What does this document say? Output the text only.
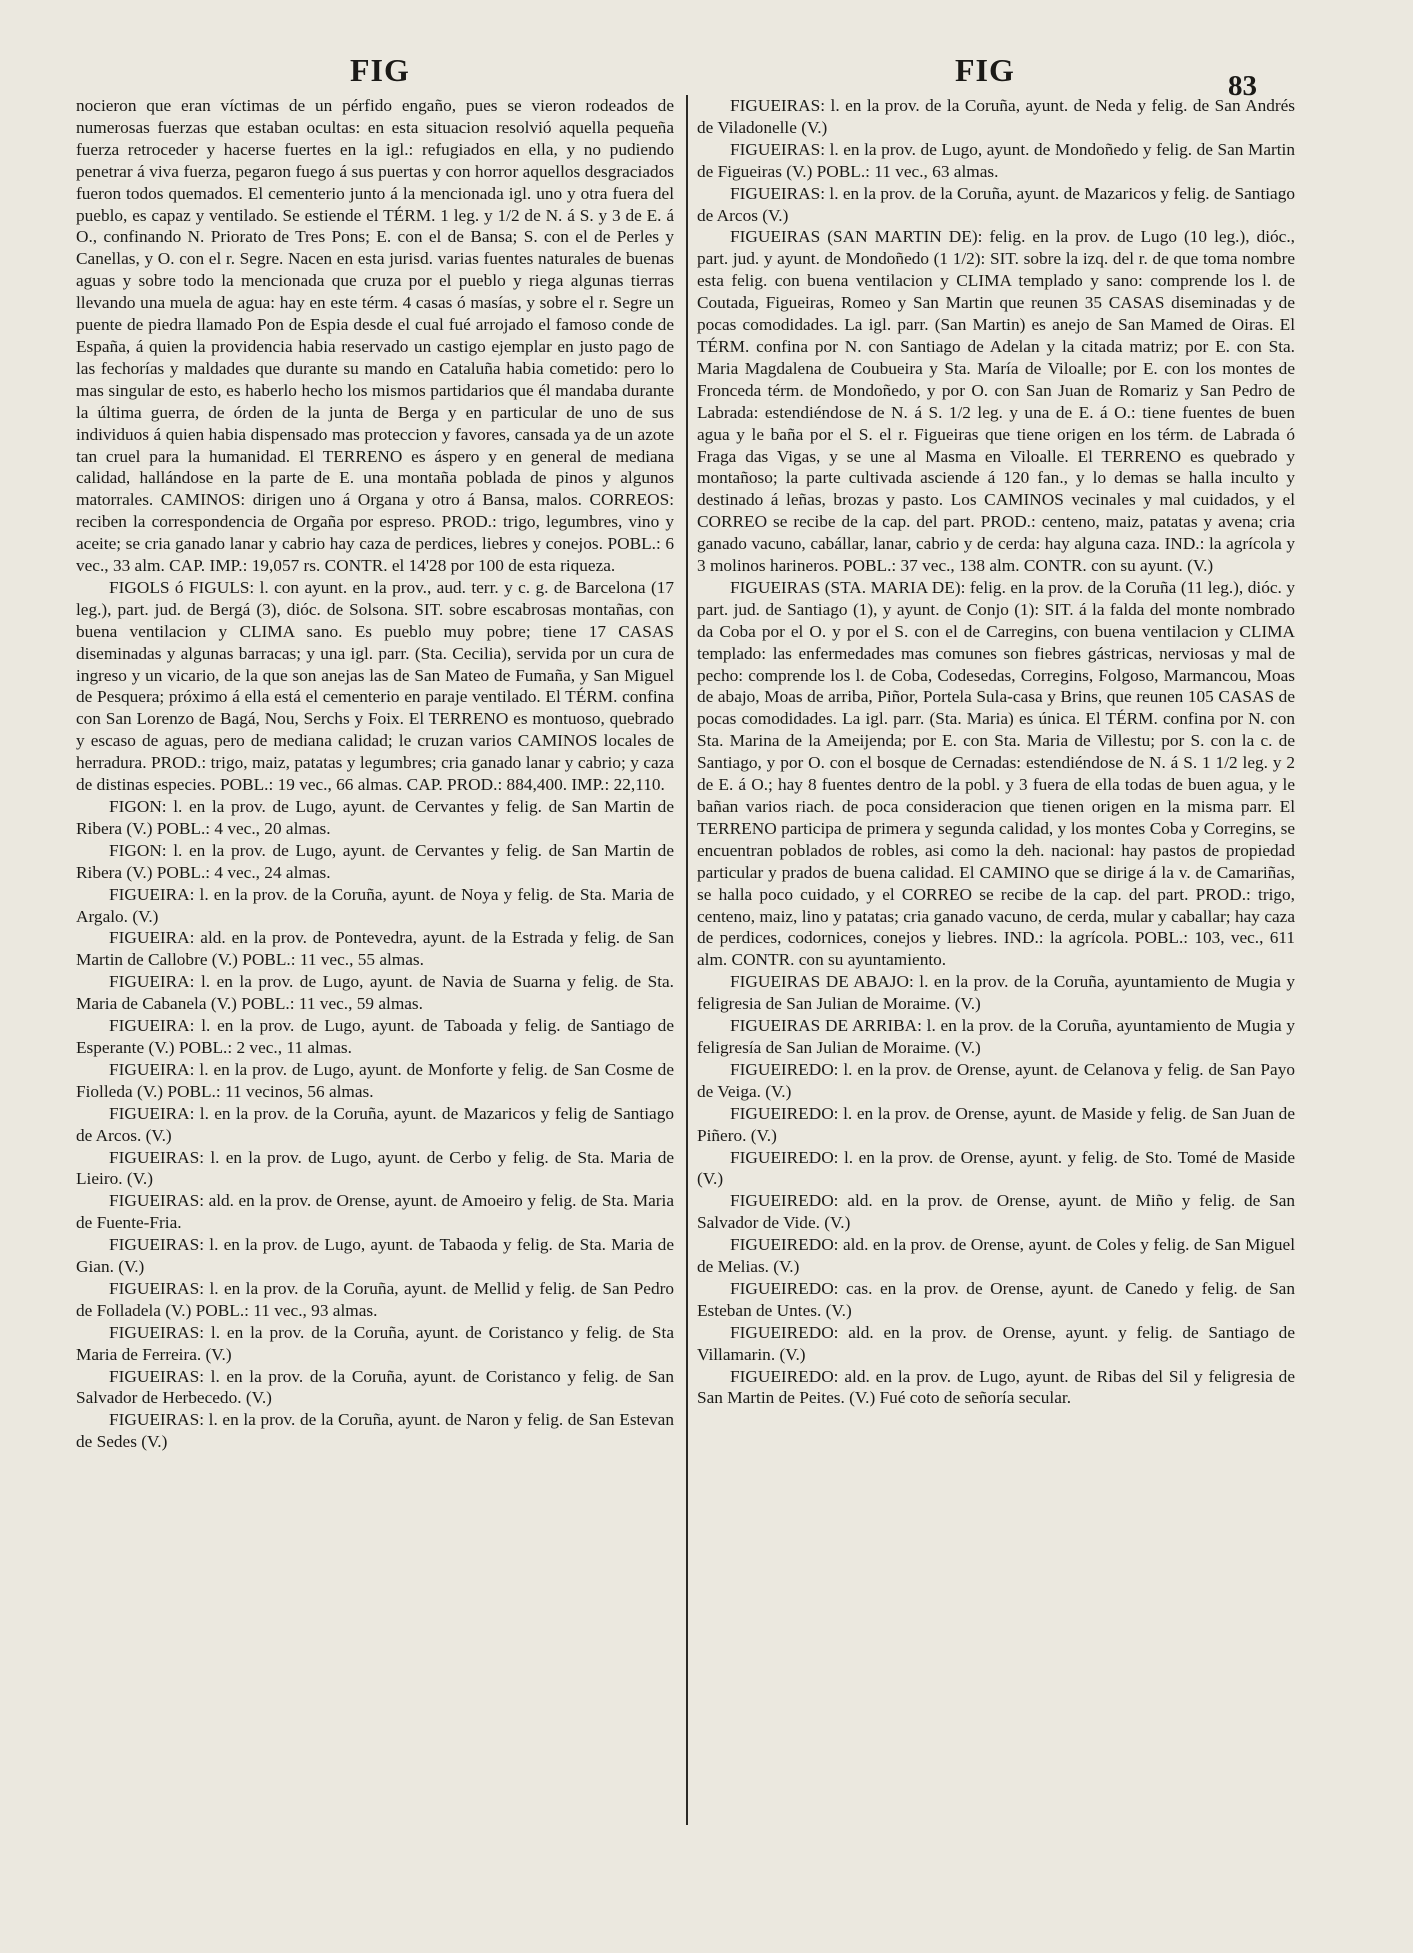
FIG	FIG	83

nocieron que eran víctimas de un pérfido engaño, pues se vieron rodeados de numerosas fuerzas que estaban ocultas: en esta situacion resolvió aquella pequeña fuerza retroceder y hacerse fuertes en la igl.: refugiados en ella, y no pudiendo penetrar á viva fuerza, pegaron fuego á sus puertas y con horror aquellos desgraciados fueron todos quemados. El cementerio junto á la mencionada igl. uno y otra fuera del pueblo, es capaz y ventilado. Se estiende el TÉRM. 1 leg. y 1/2 de N. á S. y 3 de E. á O., confinando N. Priorato de Tres Pons; E. con el de Bansa; S. con el de Perles y Canellas, y O. con el r. Segre. Nacen en esta jurisd. varias fuentes naturales de buenas aguas y sobre todo la mencionada que cruza por el pueblo y riega algunas tierras llevando una muela de agua: hay en este térm. 4 casas ó masías, y sobre el r. Segre un puente de piedra llamado Pon de Espia desde el cual fué arrojado el famoso conde de España, á quien la providencia habia reservado un castigo ejemplar en justo pago de las fechorías y maldades que durante su mando en Cataluña habia cometido: pero lo mas singular de esto, es haberlo hecho los mismos partidarios que él mandaba durante la última guerra, de órden de la junta de Berga y en particular de uno de sus individuos á quien habia dispensado mas proteccion y favores, cansada ya de un azote tan cruel para la humanidad. El TERRENO es áspero y en general de mediana calidad, hallándose en la parte de E. una montaña poblada de pinos y algunos matorrales. CAMINOS: dirigen uno á Organa y otro á Bansa, malos. CORREOS: reciben la correspondencia de Orgaña por espreso. PROD.: trigo, legumbres, vino y aceite; se cria ganado lanar y cabrio hay caza de perdices, liebres y conejos. POBL.: 6 vec., 33 alm. CAP. IMP.: 19,057 rs. CONTR. el 14'28 por 100 de esta riqueza.

FIGOLS ó FIGULS: l. con ayunt. en la prov., aud. terr. y c. g. de Barcelona (17 leg.), part. jud. de Bergá (3), dióc. de Solsona. SIT. sobre escabrosas montañas, con buena ventilacion y CLIMA sano. Es pueblo muy pobre; tiene 17 CASAS diseminadas y algunas barracas; y una igl. parr. (Sta. Cecilia), servida por un cura de ingreso y un vicario, de la que son anejas las de San Mateo de Fumaña, y San Miguel de Pesquera; próximo á ella está el cementerio en paraje ventilado. El TÉRM. confina con San Lorenzo de Bagá, Nou, Serchs y Foix. El TERRENO es montuoso, quebrado y escaso de aguas, pero de mediana calidad; le cruzan varios CAMINOS locales de herradura. PROD.: trigo, maiz, patatas y legumbres; cria ganado lanar y cabrio; y caza de distinas especies. POBL.: 19 vec., 66 almas. CAP. PROD.: 884,400. IMP.: 22,110.

FIGON: l. en la prov. de Lugo, ayunt. de Cervantes y felig. de San Martin de Ribera (V.) POBL.: 4 vec., 20 almas.

FIGON: l. en la prov. de Lugo, ayunt. de Cervantes y felig. de San Martin de Ribera (V.) POBL.: 4 vec., 24 almas.

FIGUEIRA: l. en la prov. de la Coruña, ayunt. de Noya y felig. de Sta. Maria de Argalo. (V.)

FIGUEIRA: ald. en la prov. de Pontevedra, ayunt. de la Estrada y felig. de San Martin de Callobre (V.) POBL.: 11 vec., 55 almas.

FIGUEIRA: l. en la prov. de Lugo, ayunt. de Navia de Suarna y felig. de Sta. Maria de Cabanela (V.) POBL.: 11 vec., 59 almas.

FIGUEIRA: l. en la prov. de Lugo, ayunt. de Taboada y felig. de Santiago de Esperante (V.) POBL.: 2 vec., 11 almas.

FIGUEIRA: l. en la prov. de Lugo, ayunt. de Monforte y felig. de San Cosme de Fiolleda (V.) POBL.: 11 vecinos, 56 almas.

FIGUEIRA: l. en la prov. de la Coruña, ayunt. de Mazaricos y felig de Santiago de Arcos. (V.)

FIGUEIRAS: l. en la prov. de Lugo, ayunt. de Cerbo y felig. de Sta. Maria de Lieiro. (V.)

FIGUEIRAS: ald. en la prov. de Orense, ayunt. de Amoeiro y felig. de Sta. Maria de Fuente-Fria.

FIGUEIRAS: l. en la prov. de Lugo, ayunt. de Tabaoda y felig. de Sta. Maria de Gian. (V.)

FIGUEIRAS: l. en la prov. de la Coruña, ayunt. de Mellid y felig. de San Pedro de Folladela (V.) POBL.: 11 vec., 93 almas.

FIGUEIRAS: l. en la prov. de la Coruña, ayunt. de Coristanco y felig. de Sta Maria de Ferreira. (V.)

FIGUEIRAS: l. en la prov. de la Coruña, ayunt. de Coristanco y felig. de San Salvador de Herbecedo. (V.)

FIGUEIRAS: l. en la prov. de la Coruña, ayunt. de Naron y felig. de San Estevan de Sedes (V.)

FIGUEIRAS: l. en la prov. de la Coruña, ayunt. de Neda y felig. de San Andrés de Viladonelle (V.)

FIGUEIRAS: l. en la prov. de Lugo, ayunt. de Mondoñedo y felig. de San Martin de Figueiras (V.) POBL.: 11 vec., 63 almas.

FIGUEIRAS: l. en la prov. de la Coruña, ayunt. de Mazaricos y felig. de Santiago de Arcos (V.)

FIGUEIRAS (SAN MARTIN DE): felig. en la prov. de Lugo (10 leg.), dióc., part. jud. y ayunt. de Mondoñedo (1 1/2): SIT. sobre la izq. del r. de que toma nombre esta felig. con buena ventilacion y CLIMA templado y sano: comprende los l. de Coutada, Figueiras, Romeo y San Martin que reunen 35 CASAS diseminadas y de pocas comodidades. La igl. parr. (San Martin) es anejo de San Mamed de Oiras. El TÉRM. confina por N. con Santiago de Adelan y la citada matriz; por E. con Sta. Maria Magdalena de Coubueira y Sta. María de Viloalle; por E. con los montes de Fronceda térm. de Mondoñedo, y por O. con San Juan de Romariz y San Pedro de Labrada: estendiéndose de N. á S. 1/2 leg. y una de E. á O.: tiene fuentes de buen agua y le baña por el S. el r. Figueiras que tiene origen en los térm. de Labrada ó Fraga das Vigas, y se une al Masma en Viloalle. El TERRENO es quebrado y montañoso; la parte cultivada asciende á 120 fan., y lo demas se halla inculto y destinado á leñas, brozas y pasto. Los CAMINOS vecinales y mal cuidados, y el CORREO se recibe de la cap. del part. PROD.: centeno, maiz, patatas y avena; cria ganado vacuno, cabállar, lanar, cabrio y de cerda: hay alguna caza. IND.: la agrícola y 3 molinos harineros. POBL.: 37 vec., 138 alm. CONTR. con su ayunt. (V.)

FIGUEIRAS (STA. MARIA DE): felig. en la prov. de la Coruña (11 leg.), dióc. y part. jud. de Santiago (1), y ayunt. de Conjo (1): SIT. á la falda del monte nombrado da Coba por el O. y por el S. con el de Carregins, con buena ventilacion y CLIMA templado: las enfermedades mas comunes son fiebres gástricas, nerviosas y mal de pecho: comprende los l. de Coba, Codesedas, Corregins, Folgoso, Marmancou, Moas de abajo, Moas de arriba, Piñor, Portela Sula-casa y Brins, que reunen 105 CASAS de pocas comodidades. La igl. parr. (Sta. Maria) es única. El TÉRM. confina por N. con Sta. Marina de la Ameijenda; por E. con Sta. Maria de Villestu; por S. con la c. de Santiago, y por O. con el bosque de Cernadas: estendiéndose de N. á S. 1 1/2 leg. y 2 de E. á O.; hay 8 fuentes dentro de la pobl. y 3 fuera de ella todas de buen agua, y le bañan varios riach. de poca consideracion que tienen origen en la misma parr. El TERRENO participa de primera y segunda calidad, y los montes Coba y Corregins, se encuentran poblados de robles, asi como la deh. nacional: hay pastos de propiedad particular y prados de buena calidad. El CAMINO que se dirige á la v. de Camariñas, se halla poco cuidado, y el CORREO se recibe de la cap. del part. PROD.: trigo, centeno, maiz, lino y patatas; cria ganado vacuno, de cerda, mular y caballar; hay caza de perdices, codornices, conejos y liebres. IND.: la agrícola. POBL.: 103, vec., 611 alm. CONTR. con su ayuntamiento.

FIGUEIRAS DE ABAJO: l. en la prov. de la Coruña, ayuntamiento de Mugia y feligresia de San Julian de Moraime. (V.)

FIGUEIRAS DE ARRIBA: l. en la prov. de la Coruña, ayuntamiento de Mugia y feligresía de San Julian de Moraime. (V.)

FIGUEIREDO: l. en la prov. de Orense, ayunt. de Celanova y felig. de San Payo de Veiga. (V.)

FIGUEIREDO: l. en la prov. de Orense, ayunt. de Maside y felig. de San Juan de Piñero. (V.)

FIGUEIREDO: l. en la prov. de Orense, ayunt. y felig. de Sto. Tomé de Maside (V.)

FIGUEIREDO: ald. en la prov. de Orense, ayunt. de Miño y felig. de San Salvador de Vide. (V.)

FIGUEIREDO: ald. en la prov. de Orense, ayunt. de Coles y felig. de San Miguel de Melias. (V.)

FIGUEIREDO: cas. en la prov. de Orense, ayunt. de Canedo y felig. de San Esteban de Untes. (V.)

FIGUEIREDO: ald. en la prov. de Orense, ayunt. y felig. de Santiago de Villamarin. (V.)

FIGUEIREDO: ald. en la prov. de Lugo, ayunt. de Ribas del Sil y feligresia de San Martin de Peites. (V.) Fué coto de señoría secular.
